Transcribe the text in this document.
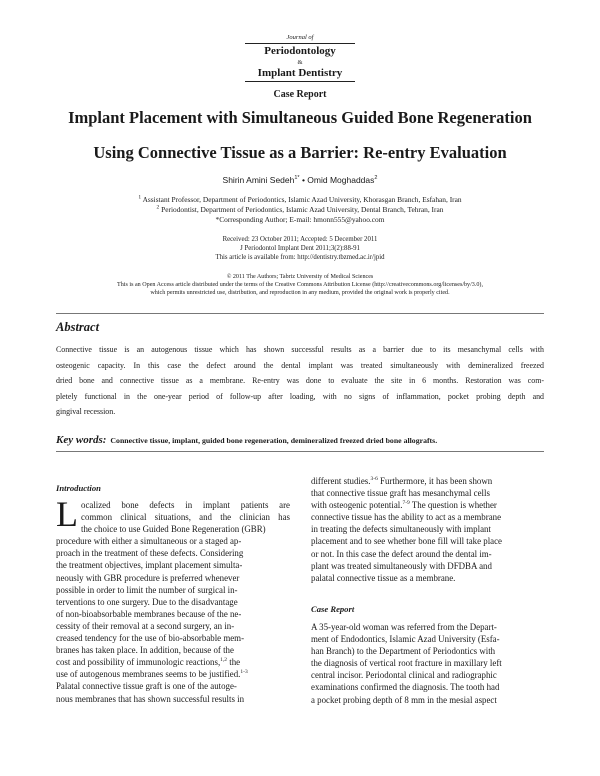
Journal of
Periodontology
&
Implant Dentistry
Case Report
Implant Placement with Simultaneous Guided Bone Regeneration
Using Connective Tissue as a Barrier: Re-entry Evaluation
Shirin Amini Sedeh$^{1*}$ • Omid Moghaddas$^2$
$^1$ Assistant Professor, Department of Periodontics, Islamic Azad University, Khorasgan Branch, Esfahan, Iran
$^2$ Periodontist, Department of Periodontics, Islamic Azad University, Dental Branch, Tehran, Iran
*Corresponding Author; E-mail: hmonn555@yahoo.com
Received: 23 October 2011; Accepted: 5 December 2011
J Periodontol Implant Dent 2011;3(2):88-91
This article is available from: http://dentistry.tbzmed.ac.ir/jpid
© 2011 The Authors; Tabriz University of Medical Sciences
This is an Open Access article distributed under the terms of the Creative Commons Attribution License (http://creativecommons.org/licenses/by/3.0),
which permits unrestricted use, distribution, and reproduction in any medium, provided the original work is properly cited.
Abstract
Connective tissue is an autogenous tissue which has shown successful results as a barrier due to its mesanchymal cells with
osteogenic capacity. In this case the defect around the dental implant was treated simultaneously with demineralized freezed
dried bone and connective tissue as a membrane. Re-entry was done to evaluate the site in 6 months. Restoration was com-
pletely functional in the one-year period of follow-up after loading, with no signs of inflammation, pocket probing depth and
gingival recession.
Key words: Connective tissue, implant, guided bone regeneration, demineralized freezed dried bone allografts.
Introduction
L ocalized bone defects in implant patients are
common clinical situations, and the clinician has
the choice to use Guided Bone Regeneration (GBR)
procedure with either a simultaneous or a staged ap-
proach in the treatment of these defects. Considering
the treatment objectives, implant placement simulta-
neously with GBR procedure is preferred whenever
possible in order to limit the number of surgical in-
terventions to one surgery. Due to the disadvantage
of non-bioabsorbable membranes because of the ne-
cessity of their removal at a second surgery, an in-
creased tendency for the use of bio-absorbable mem-
branes has taken place. In addition, because of the
cost and possibility of immunologic reactions,$^{1,2}$ the
use of autogenous membranes seems to be justified.$^{1-3}$
Palatal connective tissue graft is one of the autoge-
nous membranes that has shown successful results in
different studies.$^{3-6}$ Furthermore, it has been shown
that connective tissue graft has mesanchymal cells
with osteogenic potential.$^{7-9}$ The question is whether
connective tissue has the ability to act as a membrane
in treating the defects simultaneously with implant
placement and to see whether bone fill will take place
or not. In this case the defect around the dental im-
plant was treated simultaneously with DFDBA and
palatal connective tissue as a membrane.
Case Report
A 35-year-old woman was referred from the Depart-
ment of Endodontics, Islamic Azad University (Esfa-
han Branch) to the Department of Periodontics with
the diagnosis of vertical root fracture in maxillary left
central incisor. Periodontal clinical and radiographic
examinations confirmed the diagnosis. The tooth had
a pocket probing depth of 8 mm in the mesial aspect
